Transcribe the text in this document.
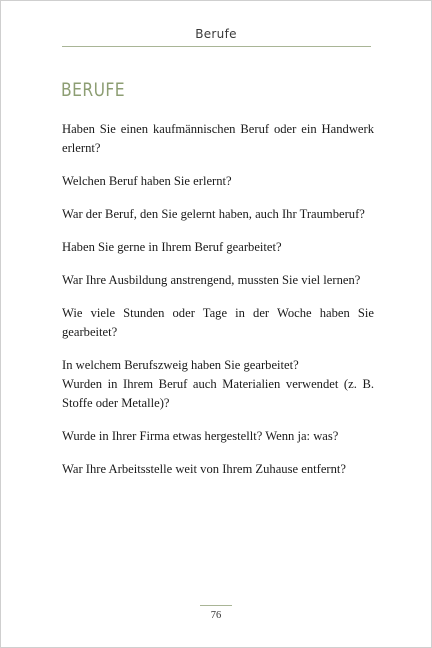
Berufe
BERUFE
Haben Sie einen kaufmännischen Beruf oder ein Handwerk erlernt?
Welchen Beruf haben Sie erlernt?
War der Beruf, den Sie gelernt haben, auch Ihr Traumberuf?
Haben Sie gerne in Ihrem Beruf gearbeitet?
War Ihre Ausbildung anstrengend, mussten Sie viel lernen?
Wie viele Stunden oder Tage in der Woche haben Sie gearbeitet?
In welchem Berufszweig haben Sie gearbeitet?
Wurden in Ihrem Beruf auch Materialien verwendet (z. B. Stoffe oder Metalle)?
Wurde in Ihrer Firma etwas hergestellt? Wenn ja: was?
War Ihre Arbeitsstelle weit von Ihrem Zuhause entfernt?
76
